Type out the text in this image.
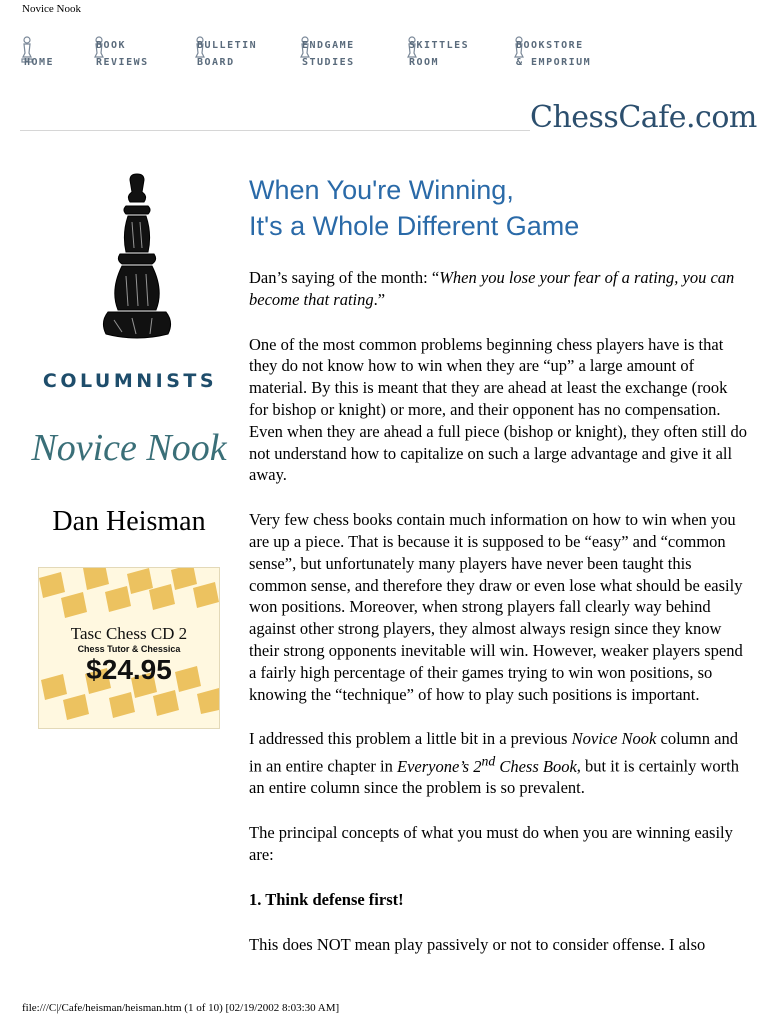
Novice Nook
HOME
BOOK
REVIEWS
BULLETIN
BOARD
ENDGAME
STUDIES
SKITTLES
ROOM
BOOKSTORE
& EMPORIUM
ChessCafe.com
COLUMNISTS
Novice Nook
Dan Heisman
Tasc Chess CD 2
Chess Tutor & Chessica
$24.95
When You're Winning,
It's a Whole Different Game

Dan’s saying of the month: “When you lose your fear of a rating, you can become that rating.”

One of the most common problems beginning chess players have is that they do not know how to win when they are “up” a large amount of material. By this is meant that they are ahead at least the exchange (rook for bishop or knight) or more, and their opponent has no compensation. Even when they are ahead a full piece (bishop or knight), they often still do not understand how to capitalize on such a large advantage and give it all away.

Very few chess books contain much information on how to win when you are up a piece. That is because it is supposed to be “easy” and “common sense”, but unfortunately many players have never been taught this common sense, and therefore they draw or even lose what should be easily won positions. Moreover, when strong players fall clearly way behind against other strong players, they almost always resign since they know their strong opponents inevitable will win. However, weaker players spend a fairly high percentage of their games trying to win won positions, so knowing the “technique” of how to play such positions is important.

I addressed this problem a little bit in a previous Novice Nook column and in an entire chapter in Everyone’s 2nd Chess Book, but it is certainly worth an entire column since the problem is so prevalent.

The principal concepts of what you must do when you are winning easily are:

1. Think defense first!

This does NOT mean play passively or not to consider offense. I also

file:///C|/Cafe/heisman/heisman.htm (1 of 10) [02/19/2002 8:03:30 AM]
